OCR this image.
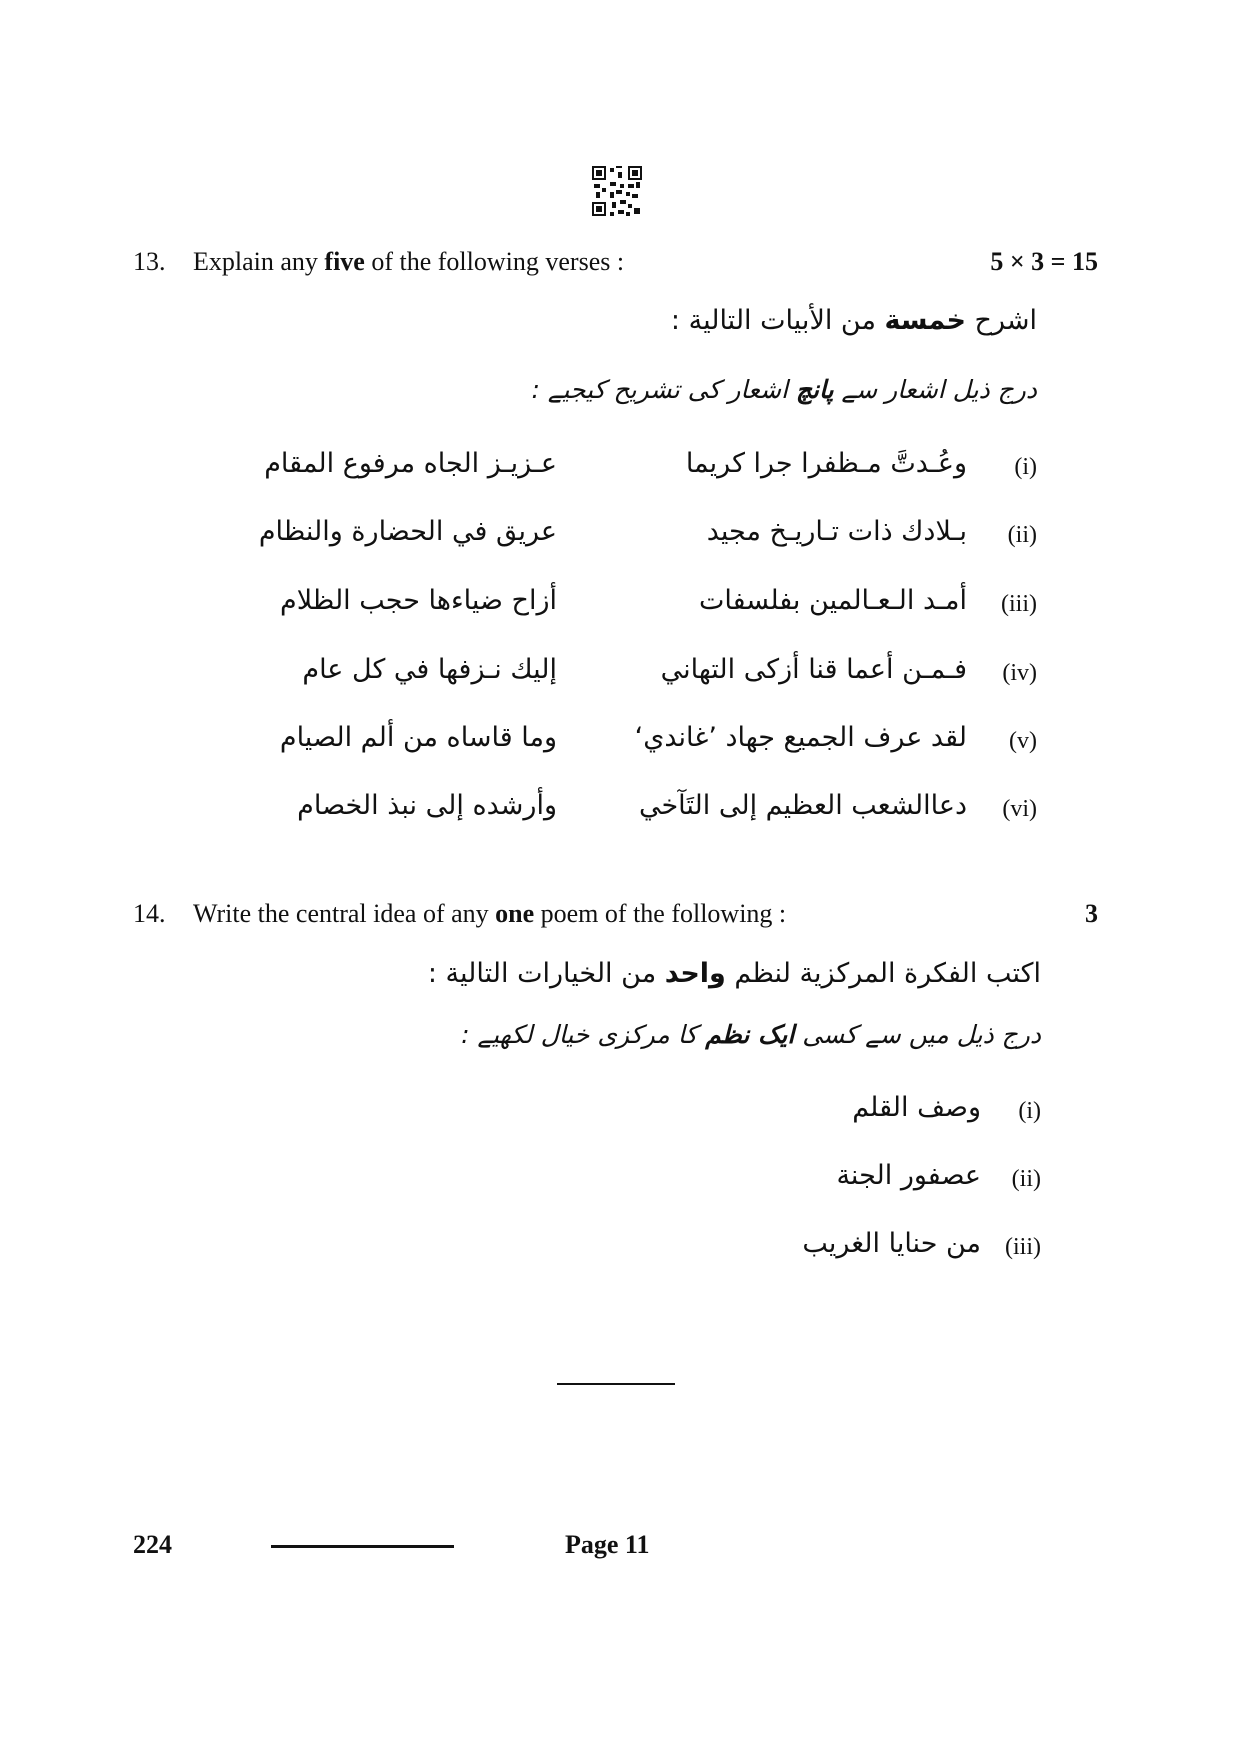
13. Explain any five of the following verses :	5 × 3 = 15
اشرح خمسة من الأبيات التالية :
درج ذیل اشعار سے پانچ اشعار کی تشریح کیجیے :
(i)
وعُـدتَّ مـظفرا جرا كريما
عـزيـز الجاه مرفوع المقام
(ii)
بـلادك ذات تـاريـخ مجيد
عريق في الحضارة والنظام
(iii)
أمـد الـعـالمين بفلسفات
أزاح ضياءها حجب الظلام
(iv)
فـمـن أعما قنا أزكى التهاني
إليك نـزفها في كل عام
(v)
لقد عرف الجميع جهاد ’غاندي‘
وما قاساه من ألم الصيام
(vi)
دعاالشعب العظيم إلى التَآخي
وأرشده إلى نبذ الخصام
14. Write the central idea of any one poem of the following :	3
اكتب الفكرة المركزية لنظم واحد من الخيارات التالية :
درج ذیل میں سے کسی ایک نظم کا مرکزی خیال لکھیے :
(i)
وصف القلم
(ii)
عصفور الجنة
(iii)
من حنايا الغريب
224	Page 11
